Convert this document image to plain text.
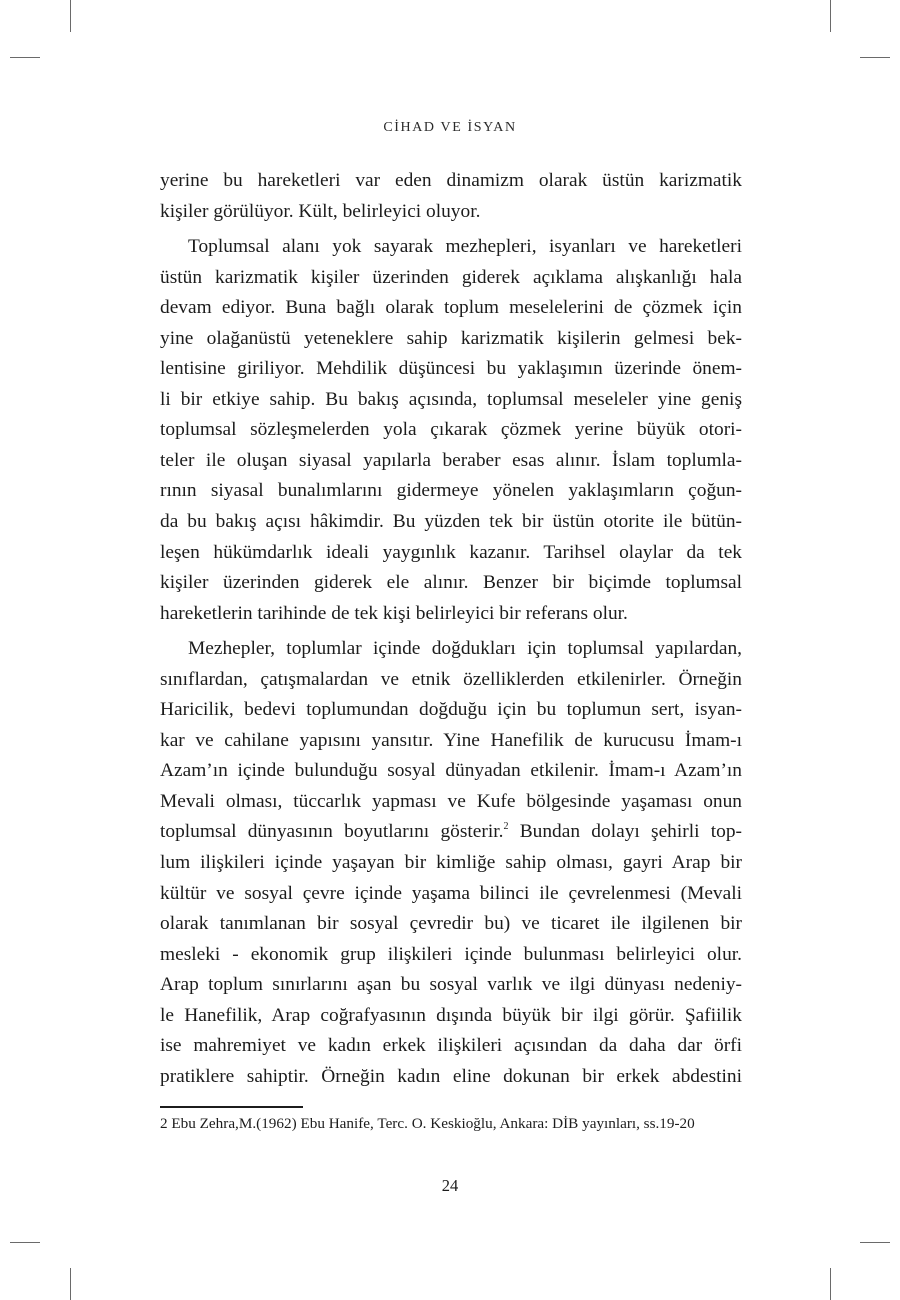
CİHAD VE İSYAN
yerine bu hareketleri var eden dinamizm olarak üstün karizmatik
kişiler görülüyor. Kült, belirleyici oluyor.
Toplumsal alanı yok sayarak mezhepleri, isyanları ve hareketleri
üstün karizmatik kişiler üzerinden giderek açıklama alışkanlığı hala
devam ediyor. Buna bağlı olarak toplum meselelerini de çözmek için
yine olağanüstü yeteneklere sahip karizmatik kişilerin gelmesi bek-
lentisine giriliyor. Mehdilik düşüncesi bu yaklaşımın üzerinde önem-
li bir etkiye sahip. Bu bakış açısında, toplumsal meseleler yine geniş
toplumsal sözleşmelerden yola çıkarak çözmek yerine büyük otori-
teler ile oluşan siyasal yapılarla beraber esas alınır. İslam toplumla-
rının siyasal bunalımlarını gidermeye yönelen yaklaşımların çoğun-
da bu bakış açısı hâkimdir. Bu yüzden tek bir üstün otorite ile bütün-
leşen hükümdarlık ideali yaygınlık kazanır. Tarihsel olaylar da tek
kişiler üzerinden giderek ele alınır. Benzer bir biçimde toplumsal
hareketlerin tarihinde de tek kişi belirleyici bir referans olur.
Mezhepler, toplumlar içinde doğdukları için toplumsal yapılardan,
sınıflardan, çatışmalardan ve etnik özelliklerden etkilenirler. Örneğin
Haricilik, bedevi toplumundan doğduğu için bu toplumun sert, isyan-
kar ve cahilane yapısını yansıtır. Yine Hanefilik de kurucusu İmam-ı
Azam’ın içinde bulunduğu sosyal dünyadan etkilenir. İmam-ı Azam’ın
Mevali olması, tüccarlık yapması ve Kufe bölgesinde yaşaması onun
toplumsal dünyasının boyutlarını gösterir.$^2$ Bundan dolayı şehirli top-
lum ilişkileri içinde yaşayan bir kimliğe sahip olması, gayri Arap bir
kültür ve sosyal çevre içinde yaşama bilinci ile çevrelenmesi (Mevali
olarak tanımlanan bir sosyal çevredir bu) ve ticaret ile ilgilenen bir
mesleki - ekonomik grup ilişkileri içinde bulunması belirleyici olur.
Arap toplum sınırlarını aşan bu sosyal varlık ve ilgi dünyası nedeniy-
le Hanefilik, Arap coğrafyasının dışında büyük bir ilgi görür. Şafiilik
ise mahremiyet ve kadın erkek ilişkileri açısından da daha dar örfi
pratiklere sahiptir. Örneğin kadın eline dokunan bir erkek abdestini
2 Ebu Zehra,M.(1962) Ebu Hanife, Terc. O. Keskioğlu, Ankara: DİB yayınları, ss.19-20
24
